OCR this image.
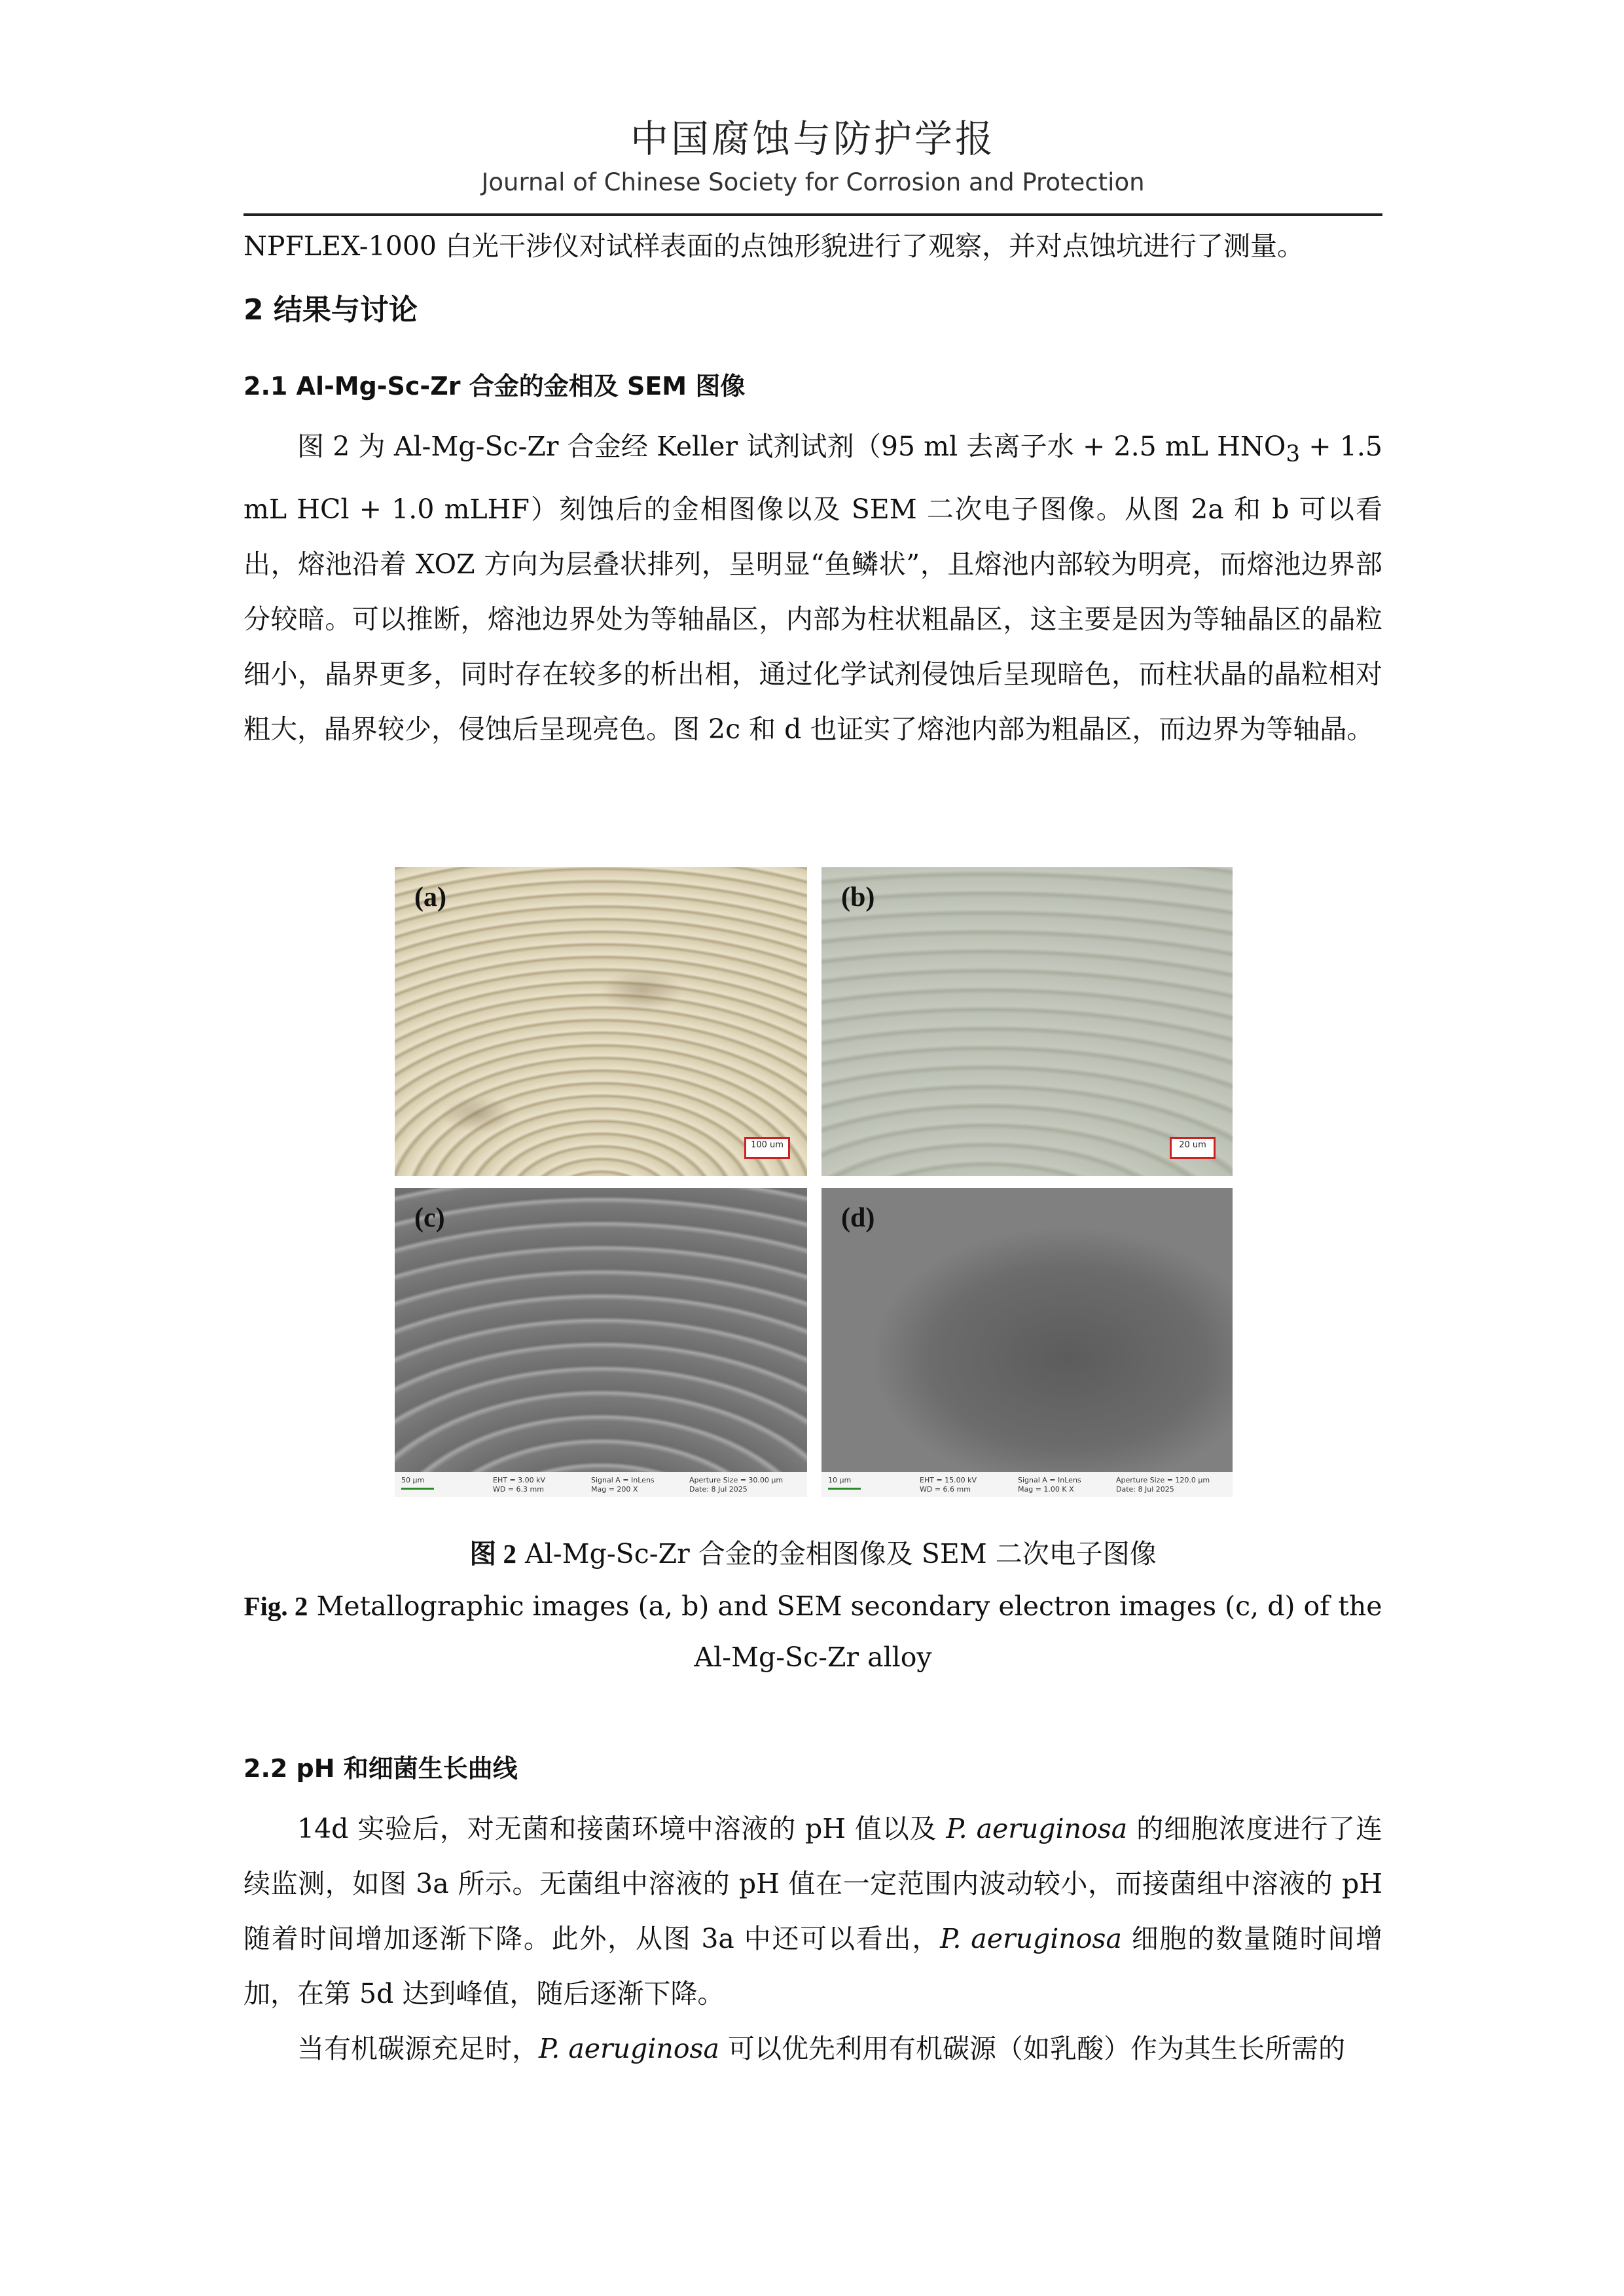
中国腐蚀与防护学报
Journal of Chinese Society for Corrosion and Protection

NPFLEX-1000 白光干涉仪对试样表面的点蚀形貌进行了观察，并对点蚀坑进行了测量。

2 结果与讨论
2.1 Al-Mg-Sc-Zr 合金的金相及 SEM 图像

图 2 为 Al-Mg-Sc-Zr 合金经 Keller 试剂试剂（95 ml 去离子水 + 2.5 mL $HNO_3 + 1.5$ mL HCl + 1.0 mLHF）刻蚀后的金相图像以及 SEM 二次电子图像。从图 2a 和 b 可以看出，熔池沿着 XOZ 方向为层叠状排列，呈明显“鱼鳞状”，且熔池内部较为明亮，而熔池边界部分较暗。可以推断，熔池边界处为等轴晶区，内部为柱状粗晶区，这主要是因为等轴晶区的晶粒细小，晶界更多，同时存在较多的析出相，通过化学试剂侵蚀后呈现暗色，而柱状晶的晶粒相对粗大，晶界较少，侵蚀后呈现亮色。图 2c 和 d 也证实了熔池内部为粗晶区，而边界为等轴晶。

(a)
100 um
(b)
20 um
(c)
50 µm	EHT = 3.00 kV
WD = 6.3 mm
Signal A = InLens
Mag = 200 X
Aperture Size = 30.00 µm
Date: 8 Jul 2025
(d)
10 µm	EHT = 15.00 kV
WD = 6.6 mm
Signal A = InLens
Mag = 1.00 K X
Aperture Size = 120.0 µm
Date: 8 Jul 2025
图 2 Al-Mg-Sc-Zr 合金的金相图像及 SEM 二次电子图像
Fig. 2 Metallographic images (a, b) and SEM secondary electron images (c, d) of the Al-Mg-Sc-Zr alloy
2.2 pH 和细菌生长曲线

14d 实验后，对无菌和接菌环境中溶液的 pH 值以及 P. aeruginosa 的细胞浓度进行了连续监测，如图 3a 所示。无菌组中溶液的 pH 值在一定范围内波动较小，而接菌组中溶液的 pH 随着时间增加逐渐下降。此外，从图 3a 中还可以看出，P. aeruginosa 细胞的数量随时间增加，在第 5d 达到峰值，随后逐渐下降。

当有机碳源充足时，P. aeruginosa 可以优先利用有机碳源（如乳酸）作为其生长所需的
